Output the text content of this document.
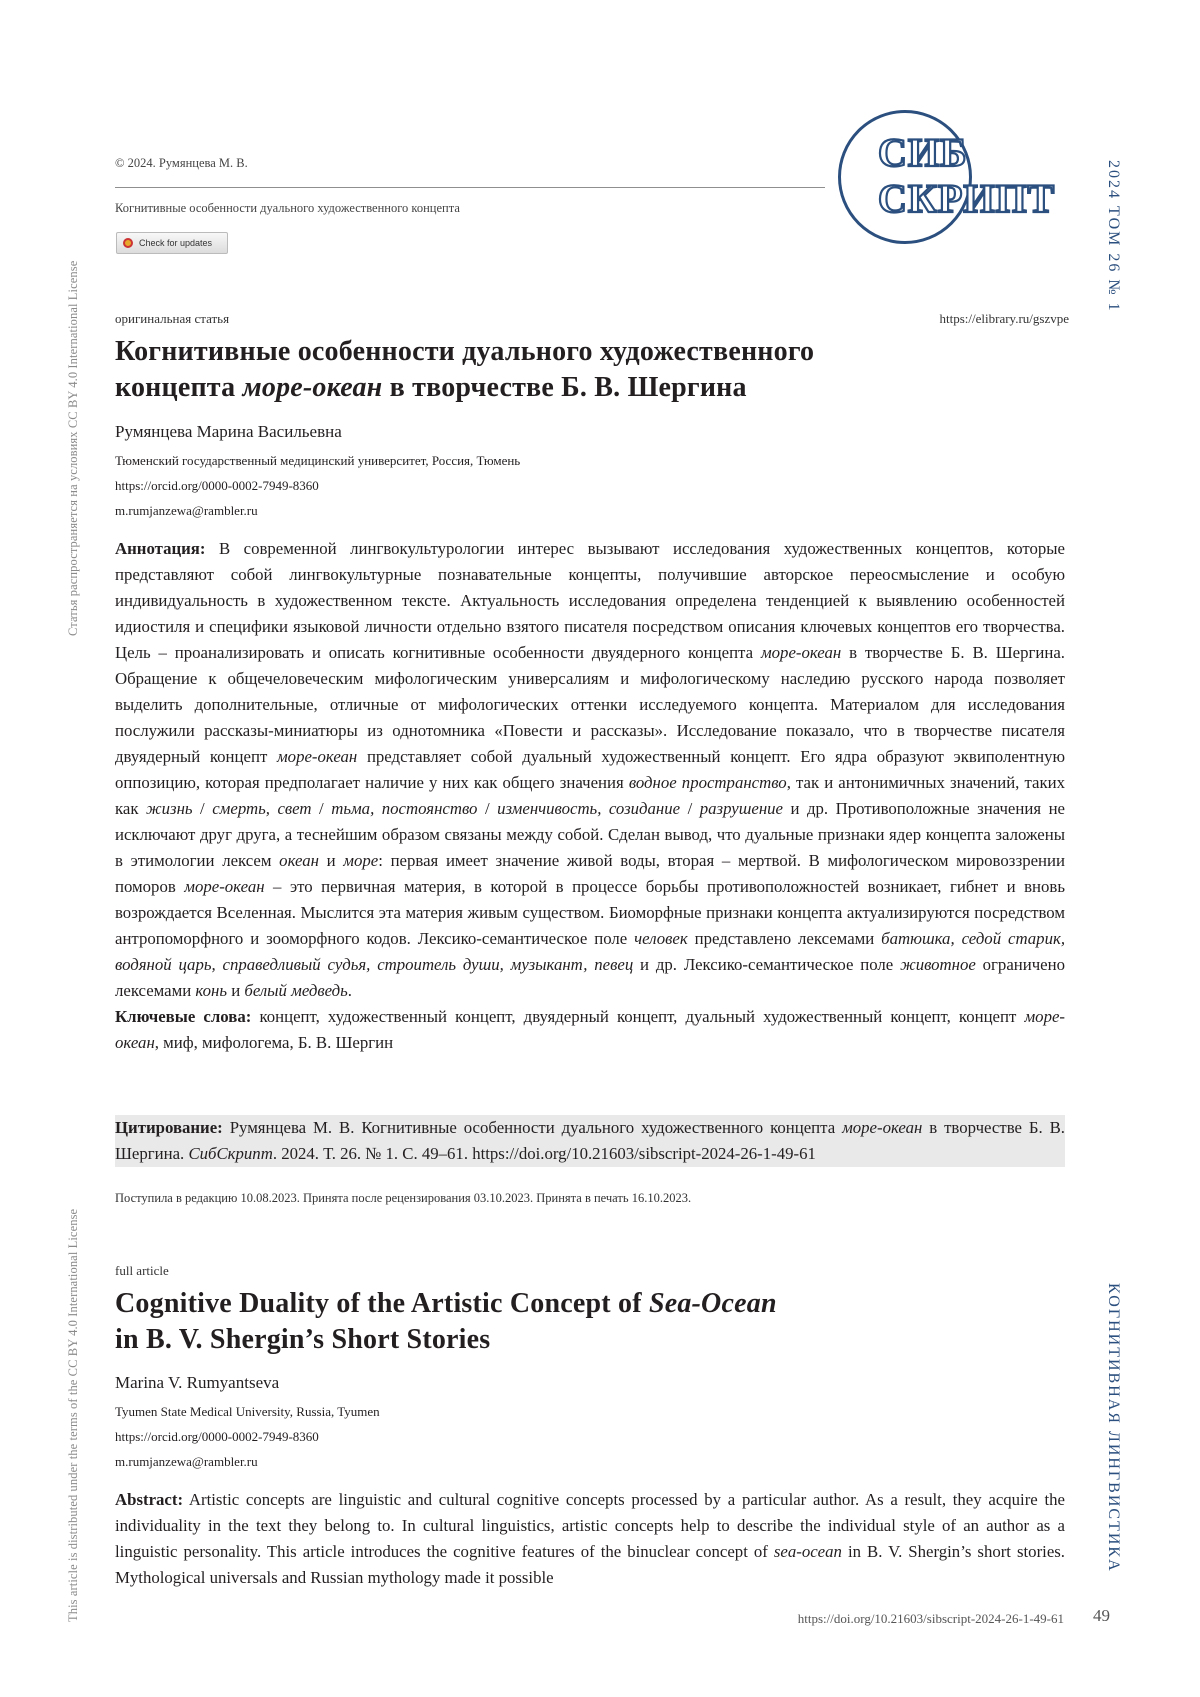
Статья распространяется на условиях CC BY 4.0 International License
This article is distributed under the terms of the CC BY 4.0 International License
2024 ТОМ 26 № 1
КОГНИТИВНАЯ ЛИНГВИСТИКА
© 2024. Румянцева М. В.
Когнитивные особенности дуального художественного концепта
Check for updates
СИБ
СКРИПТ
оригинальная статья	https://elibrary.ru/gszvpe
Когнитивные особенности дуального художественного
концепта море-океан в творчестве Б. В. Шергина
Румянцева Марина Васильевна
Тюменский государственный медицинский университет, Россия, Тюмень
https://orcid.org/0000-0002-7949-8360
m.rumjanzewa@rambler.ru
Аннотация: В современной лингвокультурологии интерес вызывают исследования художественных концептов, которые представляют собой лингвокультурные познавательные концепты, получившие авторское переосмысление и особую индивидуальность в художественном тексте. Актуальность исследования определена тенденцией к выявлению особенностей идиостиля и специфики языковой личности отдельно взятого писателя посредством описания ключевых концептов его творчества. Цель – проанализировать и описать когнитивные особенности двуядерного концепта море-океан в творчестве Б. В. Шергина. Обращение к общечеловеческим мифологическим универсалиям и мифологическому наследию русского народа позволяет выделить дополнительные, отличные от мифологических оттенки исследуемого концепта. Материалом для исследования послужили рассказы-миниатюры из однотомника «Повести и рассказы». Исследование показало, что в творчестве писателя двуядерный концепт море-океан представляет собой дуальный художественный концепт. Его ядра образуют эквиполентную оппозицию, которая предполагает наличие у них как общего значения водное пространство, так и антонимичных значений, таких как жизнь / смерть, свет / тьма, постоянство / изменчивость, созидание / разрушение и др. Противоположные значения не исключают друг друга, а теснейшим образом связаны между собой. Сделан вывод, что дуальные признаки ядер концепта заложены в этимологии лексем океан и море: первая имеет значение живой воды, вторая – мертвой. В мифологическом мировоззрении поморов море-океан – это первичная материя, в которой в процессе борьбы противоположностей возникает, гибнет и вновь возрождается Вселенная. Мыслится эта материя живым существом. Биоморфные признаки концепта актуализируются посредством антропоморфного и зооморфного кодов. Лексико-семантическое поле человек представлено лексемами батюшка, седой старик, водяной царь, справедливый судья, строитель души, музыкант, певец и др. Лексико-семантическое поле животное ограничено лексемами конь и белый медведь.
Ключевые слова: концепт, художественный концепт, двуядерный концепт, дуальный художественный концепт, концепт море-океан, миф, мифологема, Б. В. Шергин
Цитирование: Румянцева М. В. Когнитивные особенности дуального художественного концепта море-океан в творчестве Б. В. Шергина. СибСкрипт. 2024. Т. 26. № 1. С. 49–61. https://doi.org/10.21603/sibscript-2024-26-1-49-61
Поступила в редакцию 10.08.2023. Принята после рецензирования 03.10.2023. Принята в печать 16.10.2023.
full article
Cognitive Duality of the Artistic Concept of Sea-Ocean
in B. V. Shergin’s Short Stories
Marina V. Rumyantseva
Tyumen State Medical University, Russia, Tyumen
https://orcid.org/0000-0002-7949-8360
m.rumjanzewa@rambler.ru
Abstract: Artistic concepts are linguistic and cultural cognitive concepts processed by a particular author. As a result, they acquire the individuality in the text they belong to. In cultural linguistics, artistic concepts help to describe the individual style of an author as a linguistic personality. This article introduces the cognitive features of the binuclear concept of sea-ocean in B. V. Shergin’s short stories. Mythological universals and Russian mythology made it possible
https://doi.org/10.21603/sibscript-2024-26-1-49-61 49
